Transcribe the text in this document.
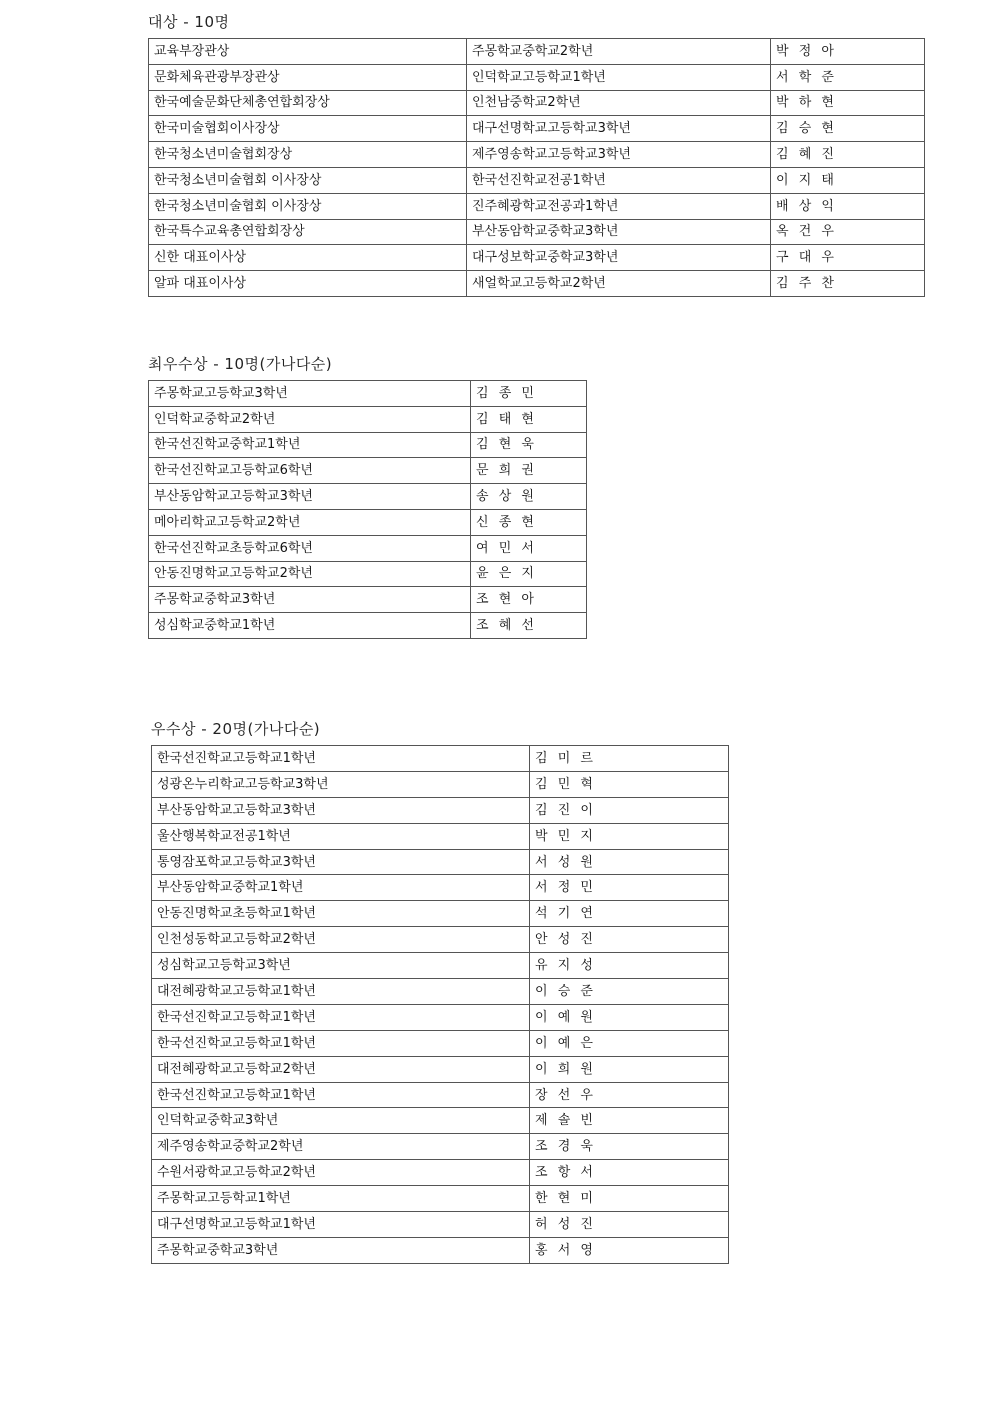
대상 - 10명
교육부장관상	주몽학교중학교2학년	박 정 아
문화체육관광부장관상	인덕학교고등학교1학년	서 학 준
한국예술문화단체총연합회장상	인천남중학교2학년	박 하 현
한국미술협회이사장상	대구선명학교고등학교3학년	김 승 현
한국청소년미술협회장상	제주영송학교고등학교3학년	김 혜 진
한국청소년미술협회 이사장상	한국선진학교전공1학년	이 지 태
한국청소년미술협회 이사장상	진주혜광학교전공과1학년	배 상 익
한국특수교육총연합회장상	부산동암학교중학교3학년	옥 건 우
신한 대표이사상	대구성보학교중학교3학년	구 대 우
알파 대표이사상	새얼학교고등학교2학년	김 주 찬
최우수상 - 10명(가나다순)
주몽학교고등학교3학년	김 종 민
인덕학교중학교2학년	김 태 현
한국선진학교중학교1학년	김 현 욱
한국선진학교고등학교6학년	문 희 권
부산동암학교고등학교3학년	송 상 원
메아리학교고등학교2학년	신 종 현
한국선진학교초등학교6학년	여 민 서
안동진명학교고등학교2학년	윤 은 지
주몽학교중학교3학년	조 현 아
성심학교중학교1학년	조 혜 선
우수상 - 20명(가나다순)
한국선진학교고등학교1학년	김 미 르
성광온누리학교고등학교3학년	김 민 혁
부산동암학교고등학교3학년	김 진 이
울산행복학교전공1학년	박 민 지
통영잠포학교고등학교3학년	서 성 원
부산동암학교중학교1학년	서 정 민
안동진명학교초등학교1학년	석 기 연
인천성동학교고등학교2학년	안 성 진
성심학교고등학교3학년	유 지 성
대전혜광학교고등학교1학년	이 승 준
한국선진학교고등학교1학년	이 예 원
한국선진학교고등학교1학년	이 예 은
대전혜광학교고등학교2학년	이 희 원
한국선진학교고등학교1학년	장 선 우
인덕학교중학교3학년	제 솔 빈
제주영송학교중학교2학년	조 경 욱
수원서광학교고등학교2학년	조 항 서
주몽학교고등학교1학년	한 현 미
대구선명학교고등학교1학년	허 성 진
주몽학교중학교3학년	홍 서 영
